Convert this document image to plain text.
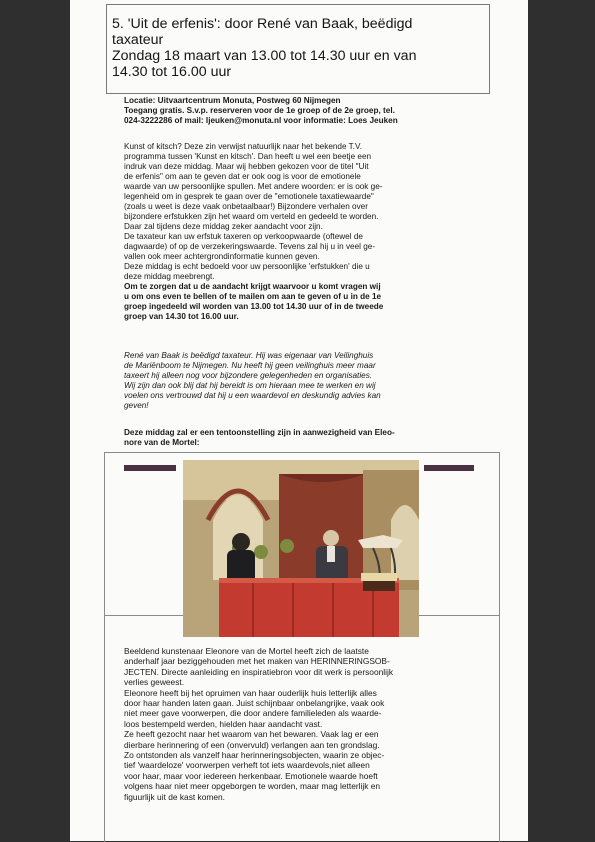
5. 'Uit de erfenis': door René van Baak, beëdigd
taxateur
Zondag 18 maart van 13.00 tot 14.30 uur en van
14.30 tot 16.00 uur

Locatie: Uitvaartcentrum Monuta, Postweg 60 Nijmegen

Toegang gratis. S.v.p. reserveren voor de 1e groep of de 2e groep, tel.

024-3222286 of mail: ljeuken@monuta.nl voor informatie: Loes Jeuken

Kunst of kitsch? Deze zin verwijst natuurlijk naar het bekende T.V.

programma tussen 'Kunst en kitsch'. Dan heeft u wel een beetje een

indruk van deze middag. Maar wij hebben gekozen voor de titel "Uit

de erfenis" om aan te geven dat er ook oog is voor de emotionele

waarde van uw persoonlijke spullen. Met andere woorden: er is ook ge-

legenheid om in gesprek te gaan over de "emotionele taxatiewaarde"

(zoals u weet is deze vaak onbetaalbaar!) Bijzondere verhalen over

bijzondere erfstukken zijn het waard om verteld en gedeeld te worden.

Daar zal tijdens deze middag zeker aandacht voor zijn.

De taxateur kan uw erfstuk taxeren op verkoopwaarde (oftewel de

dagwaarde) of op de verzekeringswaarde. Tevens zal hij u in veel ge-

vallen ook meer achtergrondinformatie kunnen geven.

Deze middag is echt bedoeld voor uw persoonlijke 'erfstukken' die u

deze middag meebrengt.

Om te zorgen dat u de aandacht krijgt waarvoor u komt vragen wij

u om ons even te bellen of te mailen om aan te geven of u in de 1e

groep ingedeeld wil worden van 13.00 tot 14.30 uur of in de tweede

groep van 14.30 tot 16.00 uur.

René van Baak is beëdigd taxateur. Hij was eigenaar van Veilinghuis

de Mariënboom te Nijmegen. Nu heeft hij geen veilinghuis meer maar

taxeert hij alleen nog voor bijzondere gelegenheden en organisaties.

Wij zijn dan ook blij dat hij bereidt is om hieraan mee te werken en wij

voelen ons vertrouwd dat hij u een waardevol en deskundig advies kan

geven!

Deze middag zal er een tentoonstelling zijn in aanwezigheid van Eleo-

nore van de Mortel:

Beeldend kunstenaar Eleonore van de Mortel heeft zich de laatste

anderhalf jaar beziggehouden met het maken van HERINNERINGSOB-

JECTEN. Directe aanleiding en inspiratiebron voor dit werk is persoonlijk

verlies geweest.

Eleonore heeft bij het opruimen van haar ouderlijk huis letterlijk alles

door haar handen laten gaan. Juist schijnbaar onbelangrijke, vaak ook

niet meer gave voorwerpen, die door andere familieleden als waarde-

loos bestempeld werden, hielden haar aandacht vast.

Ze heeft gezocht naar het waarom van het bewaren. Vaak lag er een

dierbare herinnering of een (onvervuld) verlangen aan ten grondslag.

Zo ontstonden als vanzelf haar herinneringsobjecten, waarin ze objec-

tief 'waardeloze' voorwerpen verheft tot iets waardevols,niet alleen

voor haar, maar voor iedereen herkenbaar. Emotionele waarde hoeft

volgens haar niet meer opgeborgen te worden, maar mag letterlijk en

figuurlijk uit de kast komen.
